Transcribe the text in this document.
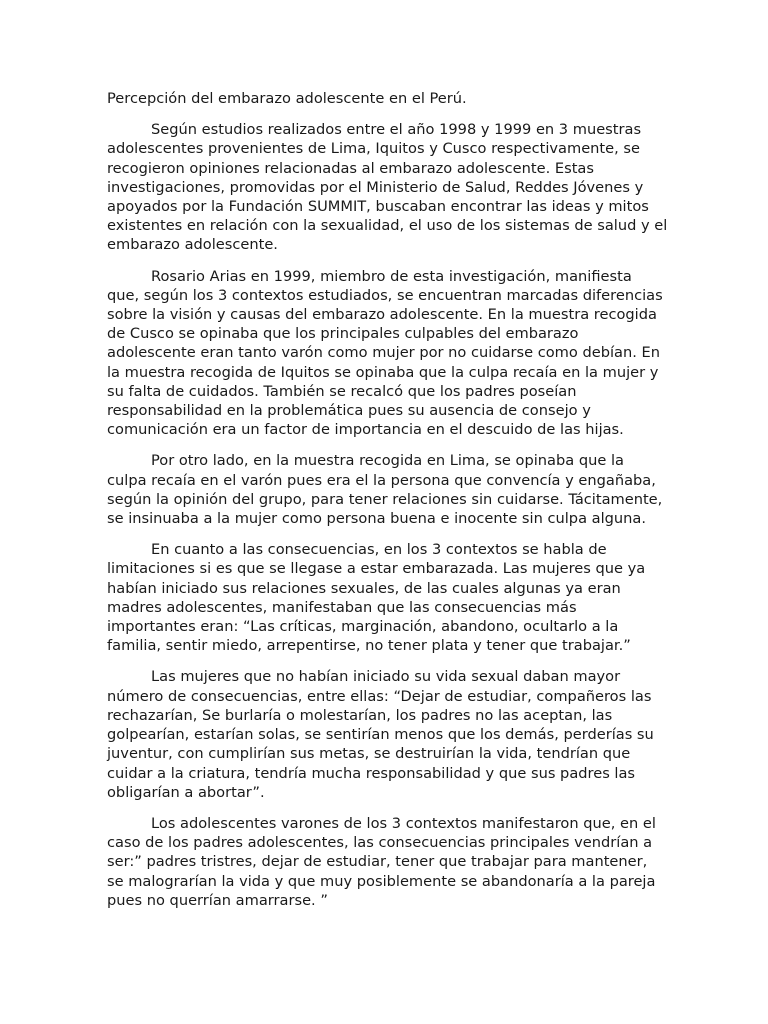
Percepción del embarazo adolescente en el Perú.

Según estudios realizados entre el año 1998 y 1999 en 3 muestras adolescentes provenientes de Lima, Iquitos y Cusco respectivamente, se recogieron opiniones relacionadas al embarazo adolescente. Estas investigaciones, promovidas por el Ministerio de Salud, Reddes Jóvenes y apoyados por la Fundación SUMMIT, buscaban encontrar las ideas y mitos existentes en relación con la sexualidad, el uso de los sistemas de salud y el embarazo adolescente.

Rosario Arias en 1999, miembro de esta investigación, manifiesta que, según los 3 contextos estudiados, se encuentran marcadas diferencias sobre la visión y causas del embarazo adolescente. En la muestra recogida de Cusco se opinaba que los principales culpables del embarazo adolescente eran tanto varón como mujer por no cuidarse como debían. En la muestra recogida de Iquitos se opinaba que la culpa recaía en la mujer y su falta de cuidados. También se recalcó que los padres poseían responsabilidad en la problemática pues su ausencia de consejo y comunicación era un factor de importancia en el descuido de las hijas.

Por otro lado, en la muestra recogida en Lima, se opinaba que la culpa recaía en el varón pues era el la persona que convencía y engañaba, según la opinión del grupo, para tener relaciones sin cuidarse. Tácitamente, se insinuaba a la mujer como persona buena e inocente sin culpa alguna.

En cuanto a las consecuencias, en los 3 contextos se habla de limitaciones si es que se llegase a estar embarazada. Las mujeres que ya habían iniciado sus relaciones sexuales, de las cuales algunas ya eran madres adolescentes, manifestaban que las consecuencias más importantes eran: “Las críticas, marginación, abandono, ocultarlo a la familia, sentir miedo, arrepentirse, no tener plata y tener que trabajar.”

Las mujeres que no habían iniciado su vida sexual daban mayor número de consecuencias, entre ellas: “Dejar de estudiar, compañeros las rechazarían, Se burlaría o molestarían, los padres no las aceptan, las golpearían, estarían solas, se sentirían menos que los demás, perderías su juventur, con cumplirían sus metas, se destruirían la vida, tendrían que cuidar a la criatura, tendría mucha responsabilidad y que sus padres las obligarían a abortar”.

Los adolescentes varones de los 3 contextos manifestaron que, en el caso de los padres adolescentes, las consecuencias principales vendrían a ser:” padres tristres, dejar de estudiar, tener que trabajar para mantener, se malograrían la vida y que muy posiblemente se abandonaría a la pareja pues no querrían amarrarse. ”
